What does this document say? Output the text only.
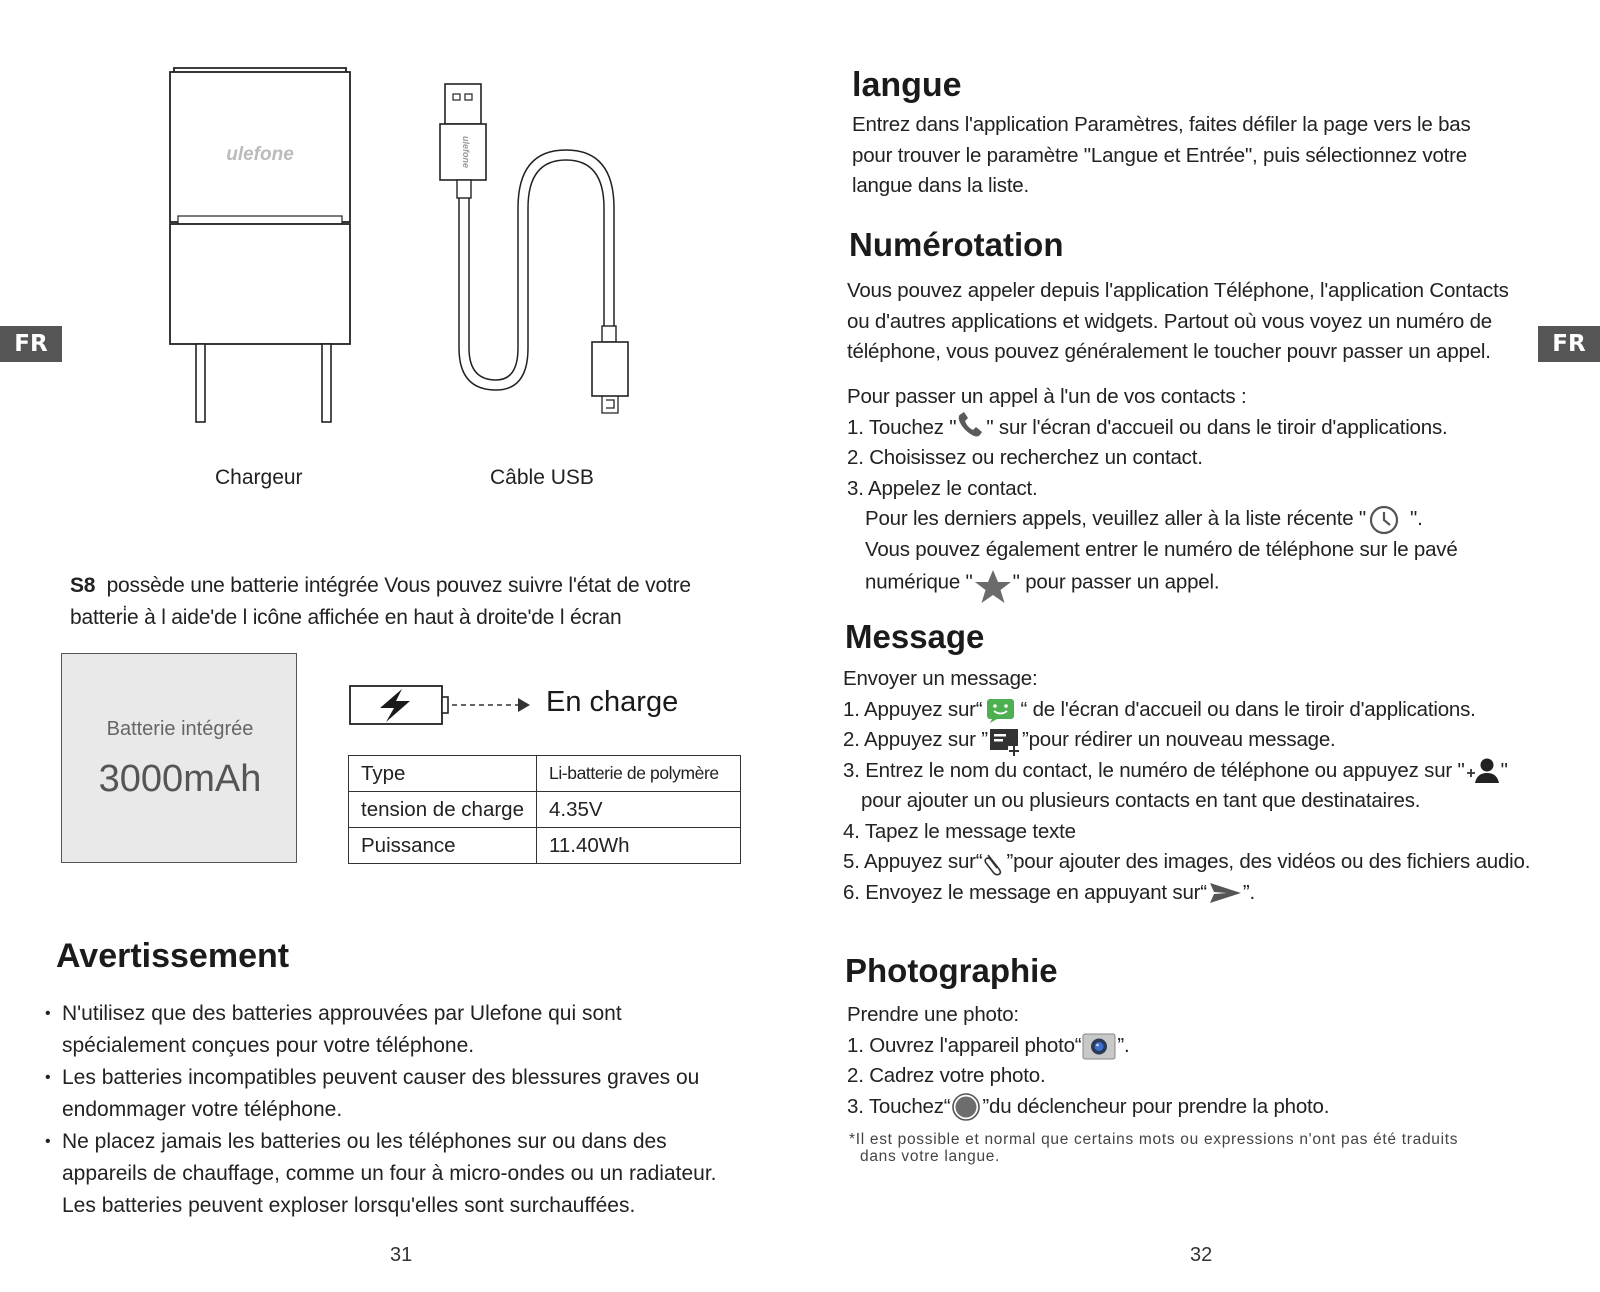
FR	FR
ulefone	ulefone
Chargeur	Câble USB
S8 possède une batterie intégrée Vous pouvez suivre l'état de votre
batteri̇e à l aide'de l icône affichée en haut à droite'de l écran
Batterie intégrée
3000mAh
En charge
Type	Li-batterie de polymère
tension de charge	4.35V
Puissance	11.40Wh
Avertissement
• N'utilisez que des batteries approuvées par Ulefone qui sont
spécialement conçues pour votre téléphone.
• Les batteries incompatibles peuvent causer des blessures graves ou
endommager votre téléphone.
• Ne placez jamais les batteries ou les téléphones sur ou dans des
appareils de chauffage, comme un four à micro-ondes ou un radiateur.
Les batteries peuvent exploser lorsqu'elles sont surchauffées.
31
langue
Entrez dans l'application Paramètres, faites défiler la page vers le bas
pour trouver le paramètre "Langue et Entrée", puis sélectionnez votre
langue dans la liste.
Numérotation
Vous pouvez appeler depuis l'application Téléphone, l'application Contacts
ou d'autres applications et widgets. Partout où vous voyez un numéro de
téléphone, vous pouvez généralement le toucher pouvr passer un appel.
Pour passer un appel à l'un de vos contacts :
1. Touchez " " sur l'écran d'accueil ou dans le tiroir d'applications.
2. Choisissez ou recherchez un contact.
3. Appelez le contact.
Pour les derniers appels, veuillez aller à la liste récente " ".
Vous pouvez également entrer le numéro de téléphone sur le pavé
numérique " " pour passer un appel.
Message
Envoyer un message:
1. Appuyez sur“ “ de l'écran d'accueil ou dans le tiroir d'applications.
2. Appuyez sur ” ”pour rédirer un nouveau message.
3. Entrez le nom du contact, le numéro de téléphone ou appuyez sur " "
pour ajouter un ou plusieurs contacts en tant que destinataires.
4. Tapez le message texte
5. Appuyez sur“ ”pour ajouter des images, des vidéos ou des fichiers audio.
6. Envoyez le message en appuyant sur“ ”.
Photographie
Prendre une photo:
1. Ouvrez l'appareil photo“ ”.
2. Cadrez votre photo.
3. Touchez“ ”du déclencheur pour prendre la photo.
*Il est possible et normal que certains mots ou expressions n'ont pas été traduits
dans votre langue.
32
